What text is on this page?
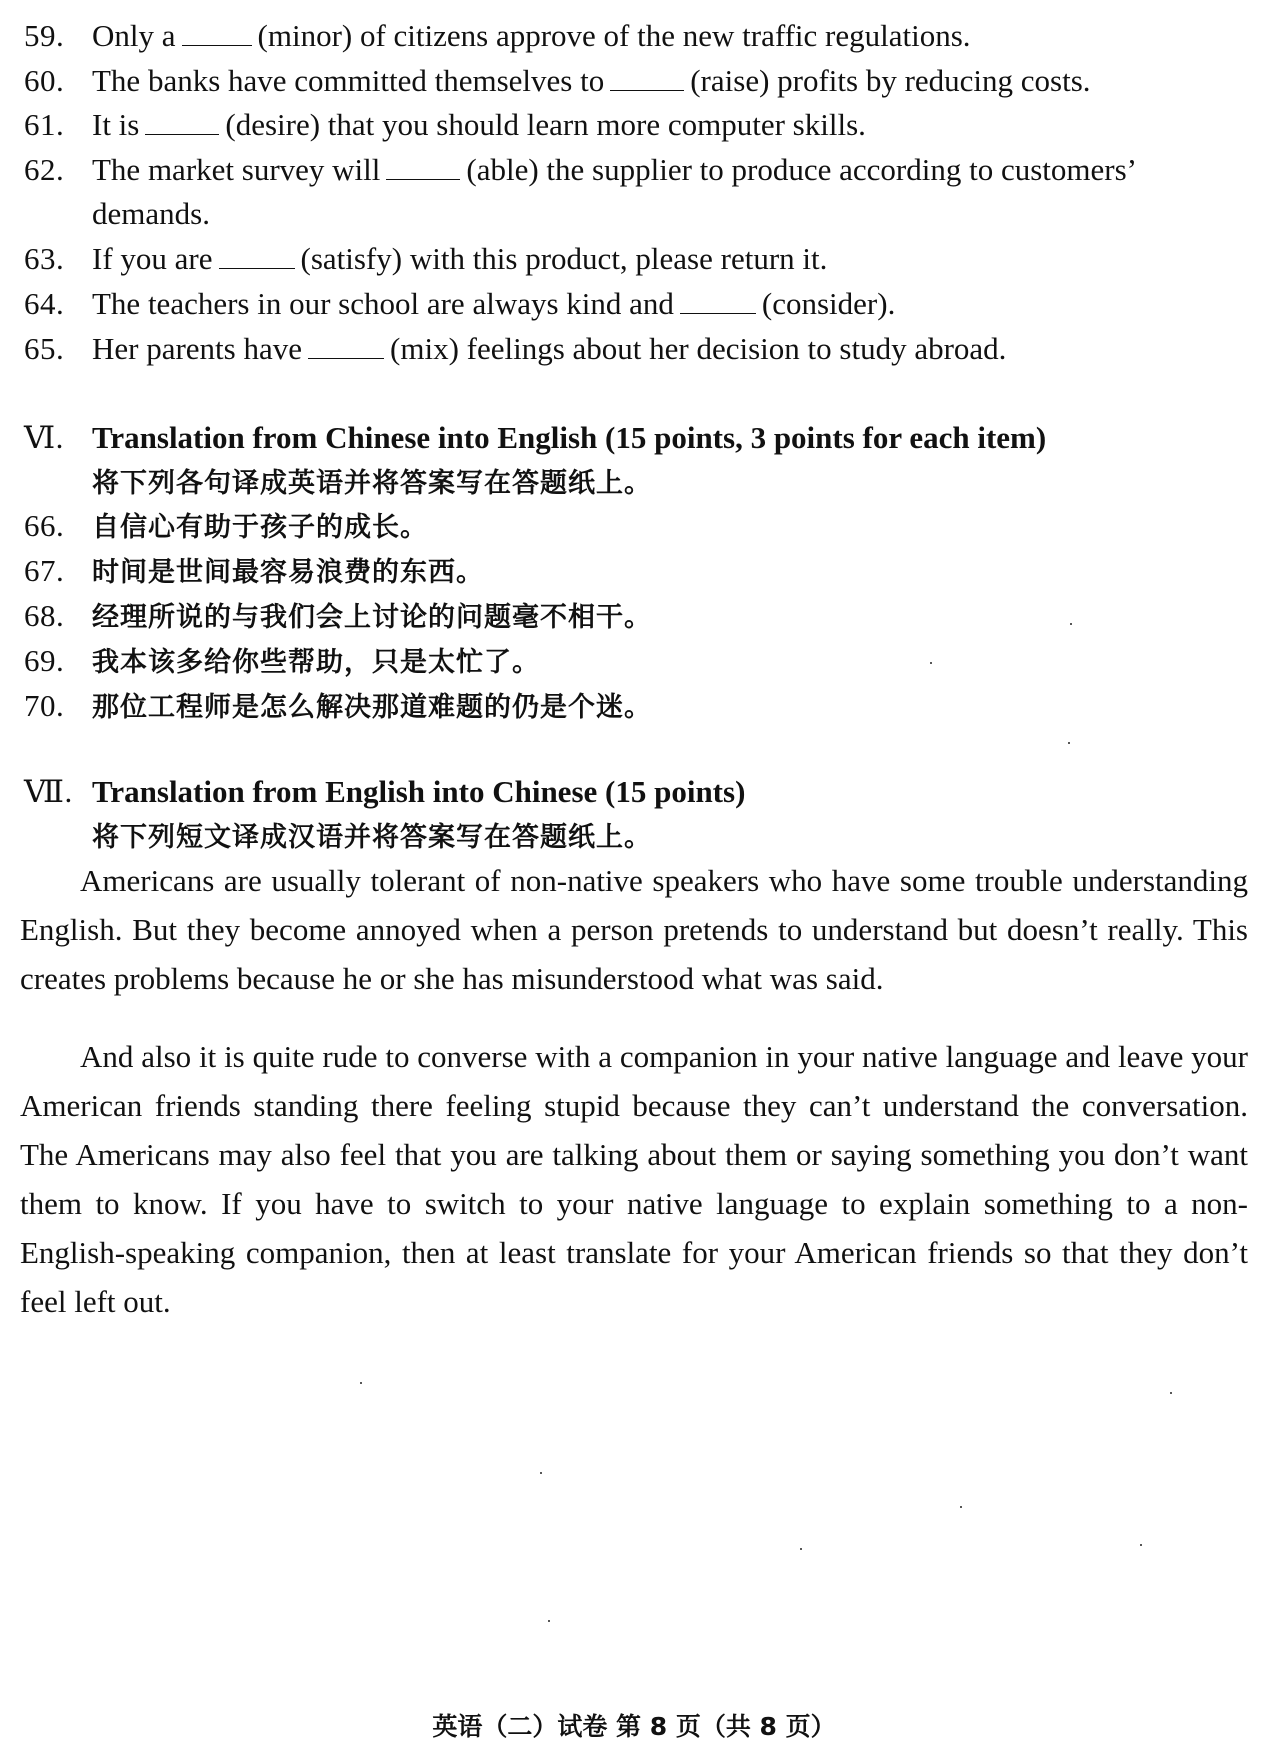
59. Only a	(minor) of citizens approve of the new traffic regulations.
60. The banks have committed themselves to	(raise) profits by reducing costs.
61. It is	(desire) that you should learn more computer skills.
62. The market survey will	(able) the supplier to produce according to customers’
demands.
63. If you are	(satisfy) with this product, please return it.
64. The teachers in our school are always kind and	(consider).
65. Her parents have	(mix) feelings about her decision to study abroad.
Ⅵ. Translation from Chinese into English (15 points, 3 points for each item)
将下列各句译成英语并将答案写在答题纸上。
66.	自信心有助于孩子的成长。
67.	时间是世间最容易浪费的东西。
68.	经理所说的与我们会上讨论的问题毫不相干。
69.	我本该多给你些帮助，只是太忙了。
70.	那位工程师是怎么解决那道难题的仍是个迷。
Ⅶ. Translation from English into Chinese (15 points)
将下列短文译成汉语并将答案写在答题纸上。
Americans are usually tolerant of non-native speakers who have some trouble understanding English. But they become annoyed when a person pretends to understand but doesn’t really. This creates problems because he or she has misunderstood what was said.
And also it is quite rude to converse with a companion in your native language and leave your American friends standing there feeling stupid because they can’t understand the conversation. The Americans may also feel that you are talking about them or saying something you don’t want them to know. If you have to switch to your native language to explain something to a non-English-speaking companion, then at least translate for your American friends so that they don’t feel left out.
英语（二）试卷 第 8 页（共 8 页）
